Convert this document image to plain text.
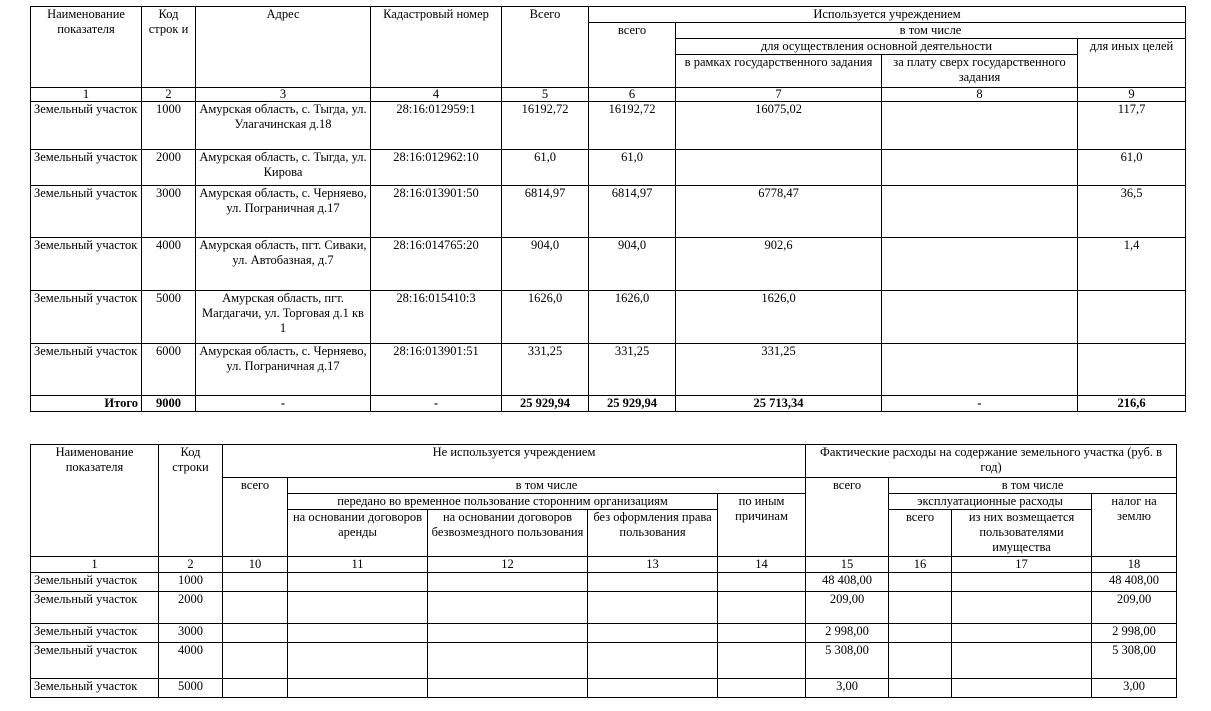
Наименование показателя	Код строк и	Адрес	Кадастровый номер	Всего	Используется учреждением			
					всего	в том числе		
						для осуществления основной деятельности		для иных целей
						в рамках государственного задания	за плату сверх государственного задания	
1	2	3	4	5	6	7	8	9
Земельный участок	1000	Амурская область, с. Тыгда, ул. Улагачинская д.18	28:16:012959:1	16192,72	16192,72	16075,02		117,7
Земельный участок	2000	Амурская область, с. Тыгда, ул. Кирова	28:16:012962:10	61,0	61,0			61,0
Земельный участок	3000	Амурская область, с. Черняево, ул. Пограничная д.17	28:16:013901:50	6814,97	6814,97	6778,47		36,5
Земельный участок	4000	Амурская область, пгт. Сиваки, ул. Автобазная, д.7	28:16:014765:20	904,0	904,0	902,6		1,4
Земельный участок	5000	Амурская область, пгт. Магдагачи, ул. Торговая д.1 кв 1	28:16:015410:3	1626,0	1626,0	1626,0		
Земельный участок	6000	Амурская область, с. Черняево, ул. Пограничная д.17	28:16:013901:51	331,25	331,25	331,25		
Итого	9000	-	-	25 929,94	25 929,94	25 713,34	-	216,6
Наименование показателя	Код строки	Не используется учреждением					Фактические расходы на содержание земельного участка (руб. в год)			
		всего	в том числе				всего	в том числе		
			передано во временное пользование сторонним организациям			по иным причинам		эксплуатационные расходы		налог на землю
			на основании договоров аренды	на основании договоров безвозмездного пользования	без оформления права пользования			всего	из них возмещается пользователями имущества	
1	2	10	11	12	13	14	15	16	17	18
Земельный участок	1000						48 408,00			48 408,00
Земельный участок	2000						209,00			209,00
Земельный участок	3000						2 998,00			2 998,00
Земельный участок	4000						5 308,00			5 308,00
Земельный участок	5000						3,00			3,00
